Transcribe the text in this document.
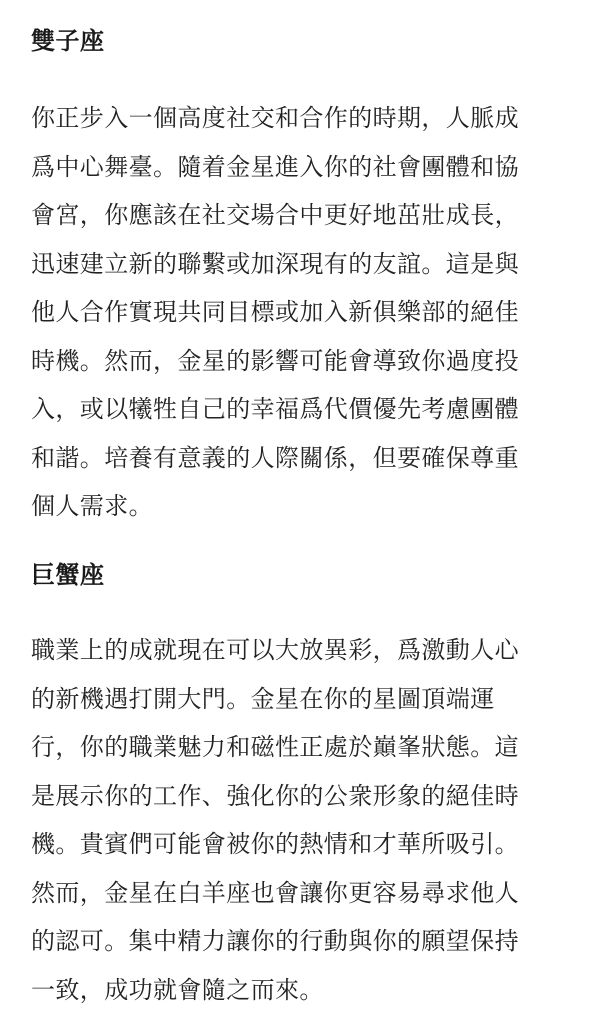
雙子座
你正步入一個高度社交和合作的時期，人脈成
爲中心舞臺。隨着金星進入你的社會團體和協
會宮，你應該在社交場合中更好地茁壯成長，
迅速建立新的聯繫或加深現有的友誼。這是與
他人合作實現共同目標或加入新俱樂部的絕佳
時機。然而，金星的影響可能會導致你過度投
入，或以犧牲自己的幸福爲代價優先考慮團體
和諧。培養有意義的人際關係，但要確保尊重
個人需求。
巨蟹座
職業上的成就現在可以大放異彩，爲激動人心
的新機遇打開大門。金星在你的星圖頂端運
行，你的職業魅力和磁性正處於巔峯狀態。這
是展示你的工作、強化你的公衆形象的絕佳時
機。貴賓們可能會被你的熱情和才華所吸引。
然而，金星在白羊座也會讓你更容易尋求他人
的認可。集中精力讓你的行動與你的願望保持
一致，成功就會隨之而來。
